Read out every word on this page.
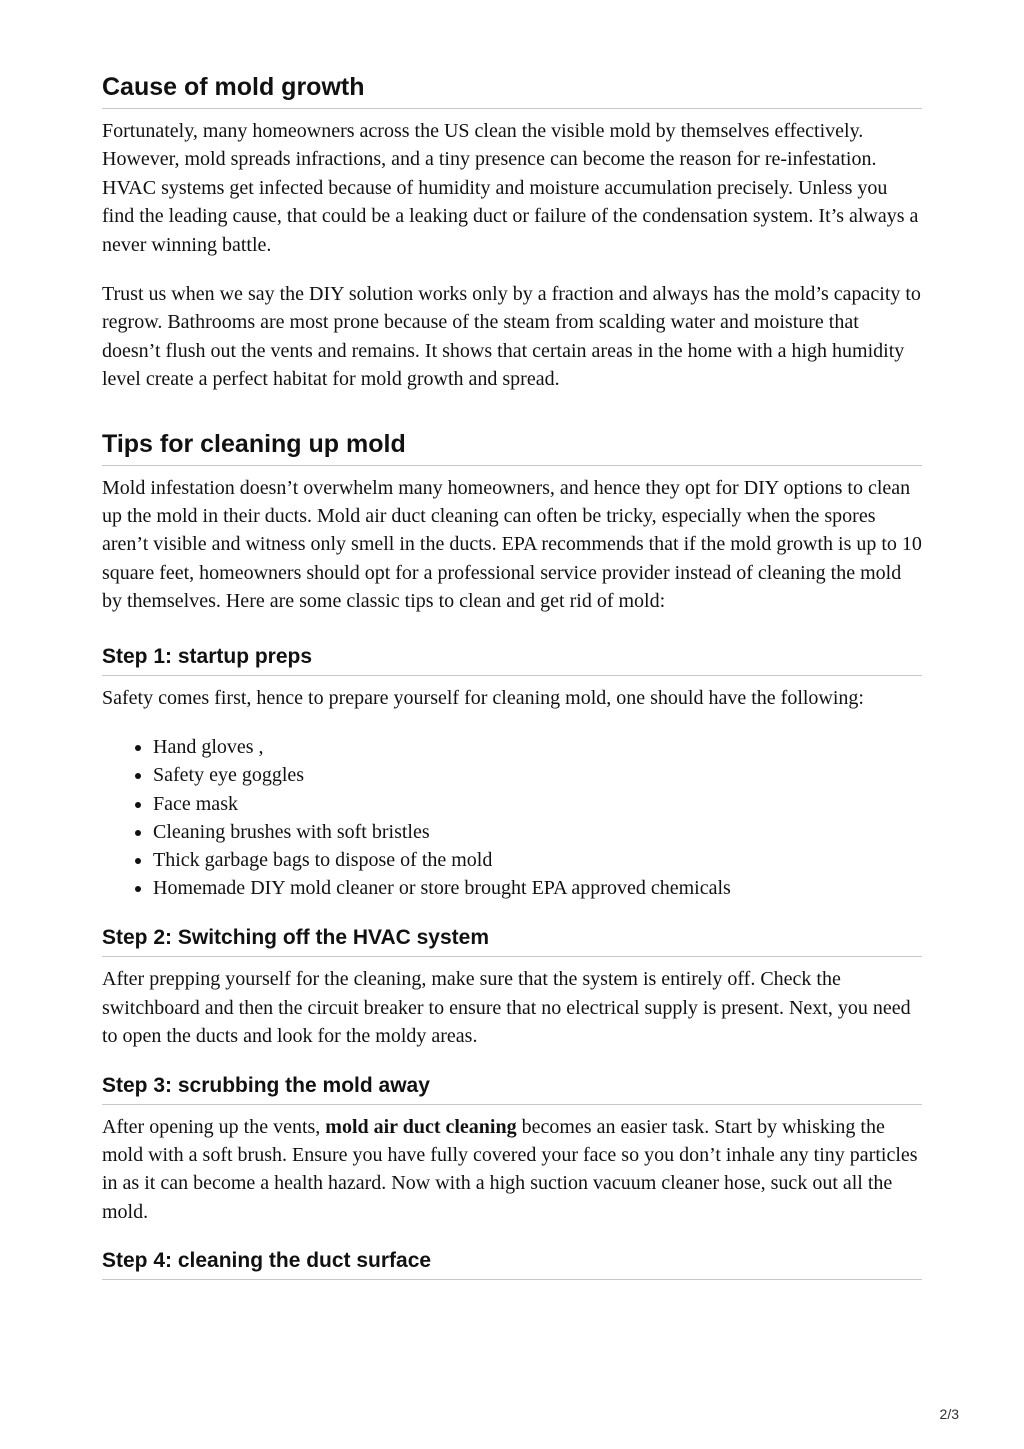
Cause of mold growth

Fortunately, many homeowners across the US clean the visible mold by themselves effectively. However, mold spreads infractions, and a tiny presence can become the reason for re-infestation. HVAC systems get infected because of humidity and moisture accumulation precisely. Unless you find the leading cause, that could be a leaking duct or failure of the condensation system. It’s always a never winning battle.

Trust us when we say the DIY solution works only by a fraction and always has the mold’s capacity to regrow. Bathrooms are most prone because of the steam from scalding water and moisture that doesn’t flush out the vents and remains. It shows that certain areas in the home with a high humidity level create a perfect habitat for mold growth and spread.

Tips for cleaning up mold

Mold infestation doesn’t overwhelm many homeowners, and hence they opt for DIY options to clean up the mold in their ducts. Mold air duct cleaning can often be tricky, especially when the spores aren’t visible and witness only smell in the ducts. EPA recommends that if the mold growth is up to 10 square feet, homeowners should opt for a professional service provider instead of cleaning the mold by themselves. Here are some classic tips to clean and get rid of mold:

Step 1: startup preps

Safety comes first, hence to prepare yourself for cleaning mold, one should have the following:

• Hand gloves ,
• Safety eye goggles
• Face mask
• Cleaning brushes with soft bristles
• Thick garbage bags to dispose of the mold
• Homemade DIY mold cleaner or store brought EPA approved chemicals
Step 2: Switching off the HVAC system

After prepping yourself for the cleaning, make sure that the system is entirely off. Check the switchboard and then the circuit breaker to ensure that no electrical supply is present. Next, you need to open the ducts and look for the moldy areas.

Step 3: scrubbing the mold away

After opening up the vents, mold air duct cleaning becomes an easier task. Start by whisking the mold with a soft brush. Ensure you have fully covered your face so you don’t inhale any tiny particles in as it can become a health hazard. Now with a high suction vacuum cleaner hose, suck out all the mold.

Step 4: cleaning the duct surface
2/3
